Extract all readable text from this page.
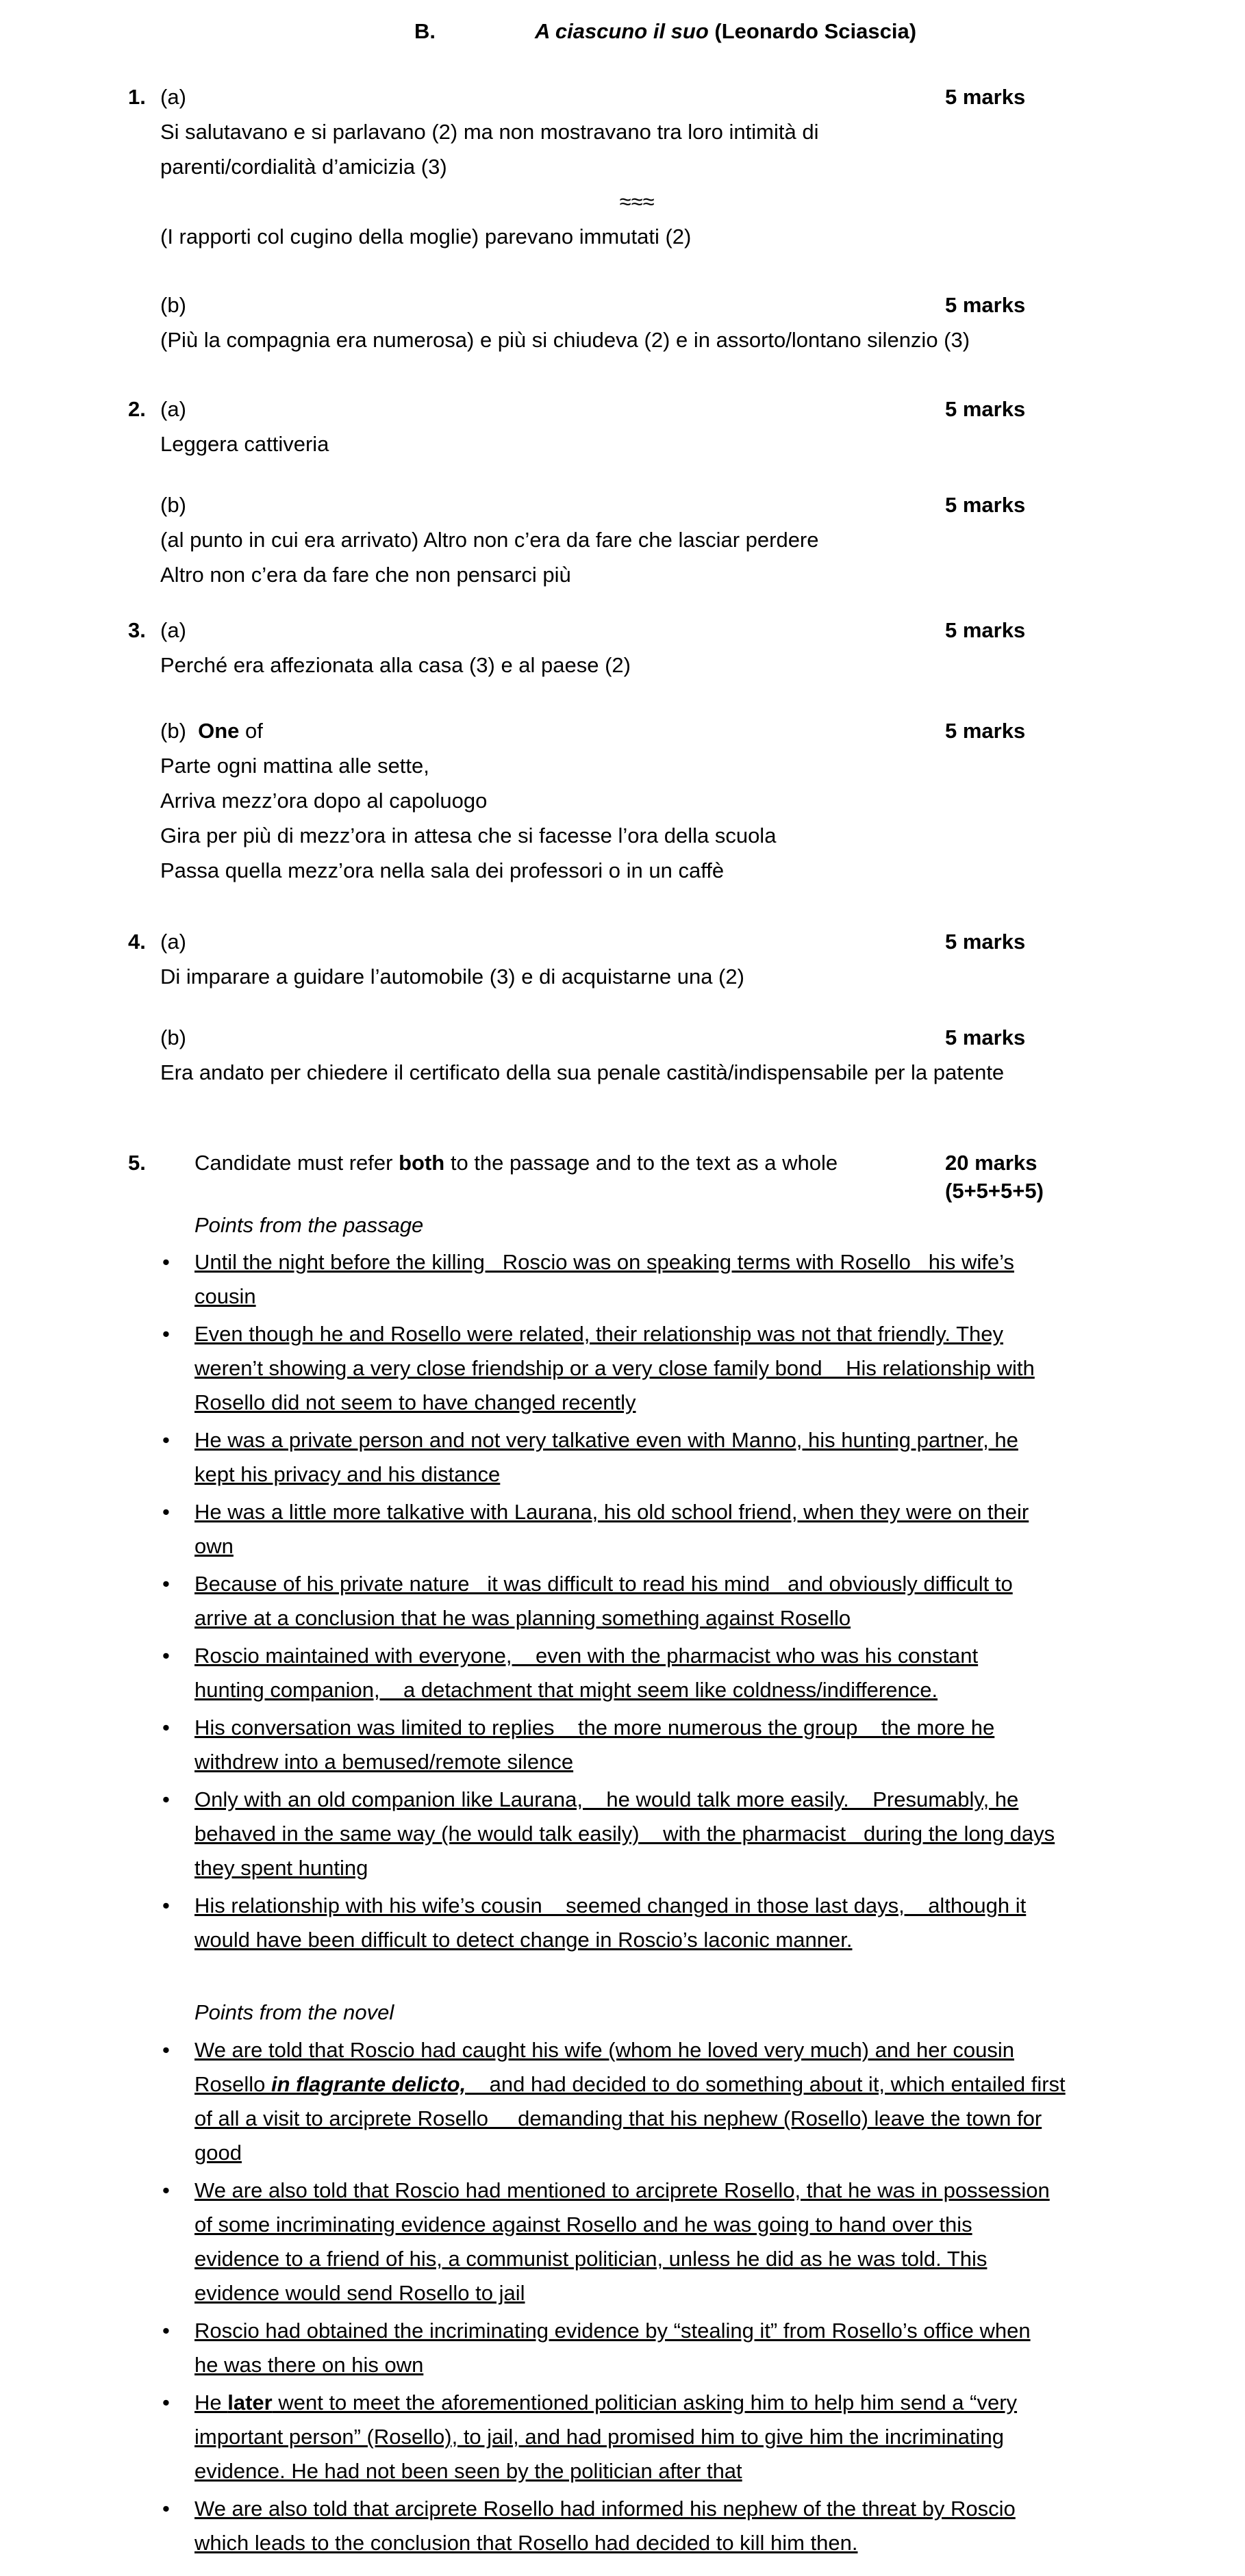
B.	A ciascuno il suo (Leonardo Sciascia)
1. (a)	5 marks
Si salutavano e si parlavano (2) ma non mostravano tra loro intimità di
parenti/cordialità d’amicizia (3)
≈≈≈
(I rapporti col cugino della moglie) parevano immutati (2)
(b)	5 marks
(Più la compagnia era numerosa) e più si chiudeva (2) e in assorto/lontano silenzio (3)
2. (a)	5 marks
Leggera cattiveria
(b)	5 marks
(al punto in cui era arrivato) Altro non c’era da fare che lasciar perdere
Altro non c’era da fare che non pensarci più
3. (a)	5 marks
Perché era affezionata alla casa (3) e al paese (2)
(b)  One of	5 marks
Parte ogni mattina alle sette,
Arriva mezz’ora dopo al capoluogo
Gira per più di mezz’ora in attesa che si facesse l’ora della scuola
Passa quella mezz’ora nella sala dei professori o in un caffè
4. (a)	5 marks
Di imparare a guidare l’automobile (3) e di acquistarne una (2)
(b)	5 marks
Era andato per chiedere il certificato della sua penale castità/indispensabile per la patente
5. Candidate must refer both to the passage and to the text as a whole	20 marks
(5+5+5+5)
Points from the passage
•	Until the night before the killing   Roscio was on speaking terms with Rosello   his wife’s
cousin
•	Even though he and Rosello were related, their relationship was not that friendly. They
weren’t showing a very close friendship or a very close family bond    His relationship with
Rosello did not seem to have changed recently
•	He was a private person and not very talkative even with Manno, his hunting partner, he
kept his privacy and his distance
•	He was a little more talkative with Laurana, his old school friend, when they were on their
own
•	Because of his private nature   it was difficult to read his mind   and obviously difficult to
arrive at a conclusion that he was planning something against Rosello
•	Roscio maintained with everyone,    even with the pharmacist who was his constant
hunting companion,    a detachment that might seem like coldness/indifference.
•	His conversation was limited to replies    the more numerous the group    the more he
withdrew into a bemused/remote silence
•	Only with an old companion like Laurana,    he would talk more easily.    Presumably, he
behaved in the same way (he would talk easily)    with the pharmacist   during the long days
they spent hunting
•	His relationship with his wife’s cousin    seemed changed in those last days,    although it
would have been difficult to detect change in Roscio’s laconic manner.
Points from the novel
•	We are told that Roscio had caught his wife (whom he loved very much) and her cousin
Rosello in flagrante delicto,    and had decided to do something about it, which entailed first
of all a visit to arciprete Rosello     demanding that his nephew (Rosello) leave the town for
good
•	We are also told that Roscio had mentioned to arciprete Rosello, that he was in possession
of some incriminating evidence against Rosello and he was going to hand over this
evidence to a friend of his, a communist politician, unless he did as he was told. This
evidence would send Rosello to jail
•	Roscio had obtained the incriminating evidence by “stealing it” from Rosello’s office when
he was there on his own
•	He later went to meet the aforementioned politician asking him to help him send a “very
important person” (Rosello), to jail, and had promised him to give him the incriminating
evidence. He had not been seen by the politician after that
•	We are also told that arciprete Rosello had informed his nephew of the threat by Roscio
which leads to the conclusion that Rosello had decided to kill him then.
